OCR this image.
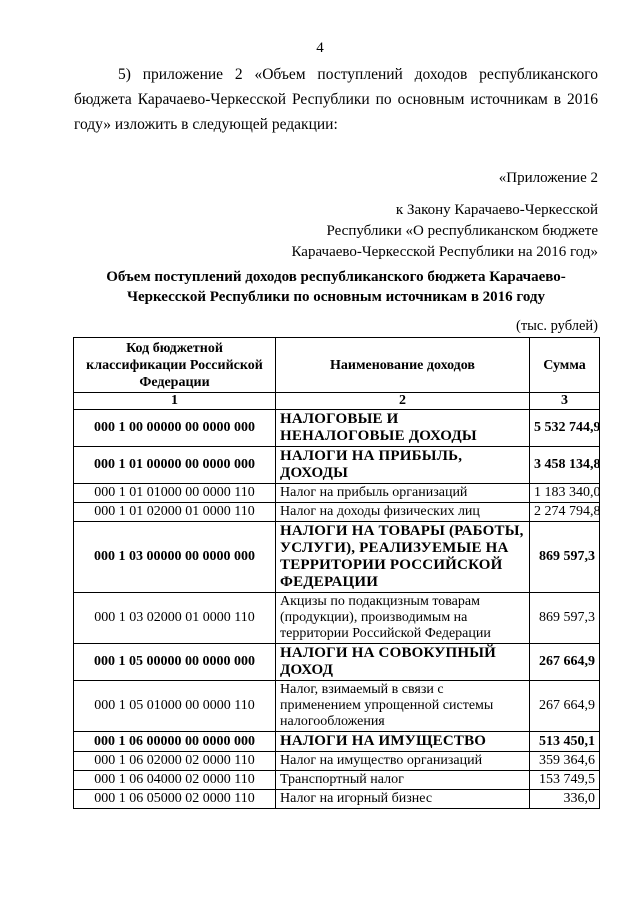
4
5) приложение 2 «Объем поступлений доходов республиканского
бюджета Карачаево-Черкесской Республики по основным источникам в 2016 году» изложить в следующей редакции:
«Приложение 2
к Закону Карачаево-Черкесской
Республики «О республиканском бюджете
Карачаево-Черкесской Республики на 2016 год»
Объем поступлений доходов республиканского бюджета Карачаево-
Черкесской Республики по основным источникам в 2016 году
(тыс. рублей)
Код бюджетной классификации Российской Федерации	Наименование доходов	Сумма
1	2	3
000 1 00 00000 00 0000 000	НАЛОГОВЫЕ И НЕНАЛОГОВЫЕ ДОХОДЫ	5 532 744,9
000 1 01 00000 00 0000 000	НАЛОГИ НА ПРИБЫЛЬ, ДОХОДЫ	3 458 134,8
000 1 01 01000 00 0000 110	Налог на прибыль организаций	1 183 340,0
000 1 01 02000 01 0000 110	Налог на доходы физических лиц	2 274 794,8
000 1 03 00000 00 0000 000	НАЛОГИ НА ТОВАРЫ (РАБОТЫ, УСЛУГИ), РЕАЛИЗУЕМЫЕ НА ТЕРРИТОРИИ РОССИЙСКОЙ ФЕДЕРАЦИИ	869 597,3
000 1 03 02000 01 0000 110	Акцизы по подакцизным товарам (продукции), производимым на территории Российской Федерации	869 597,3
000 1 05 00000 00 0000 000	НАЛОГИ НА СОВОКУПНЫЙ ДОХОД	267 664,9
000 1 05 01000 00 0000 110	Налог, взимаемый в связи с применением упрощенной системы налогообложения	267 664,9
000 1 06 00000 00 0000 000	НАЛОГИ НА ИМУЩЕСТВО	513 450,1
000 1 06 02000 02 0000 110	Налог на имущество организаций	359 364,6
000 1 06 04000 02 0000 110	Транспортный налог	153 749,5
000 1 06 05000 02 0000 110	Налог на игорный бизнес	336,0
